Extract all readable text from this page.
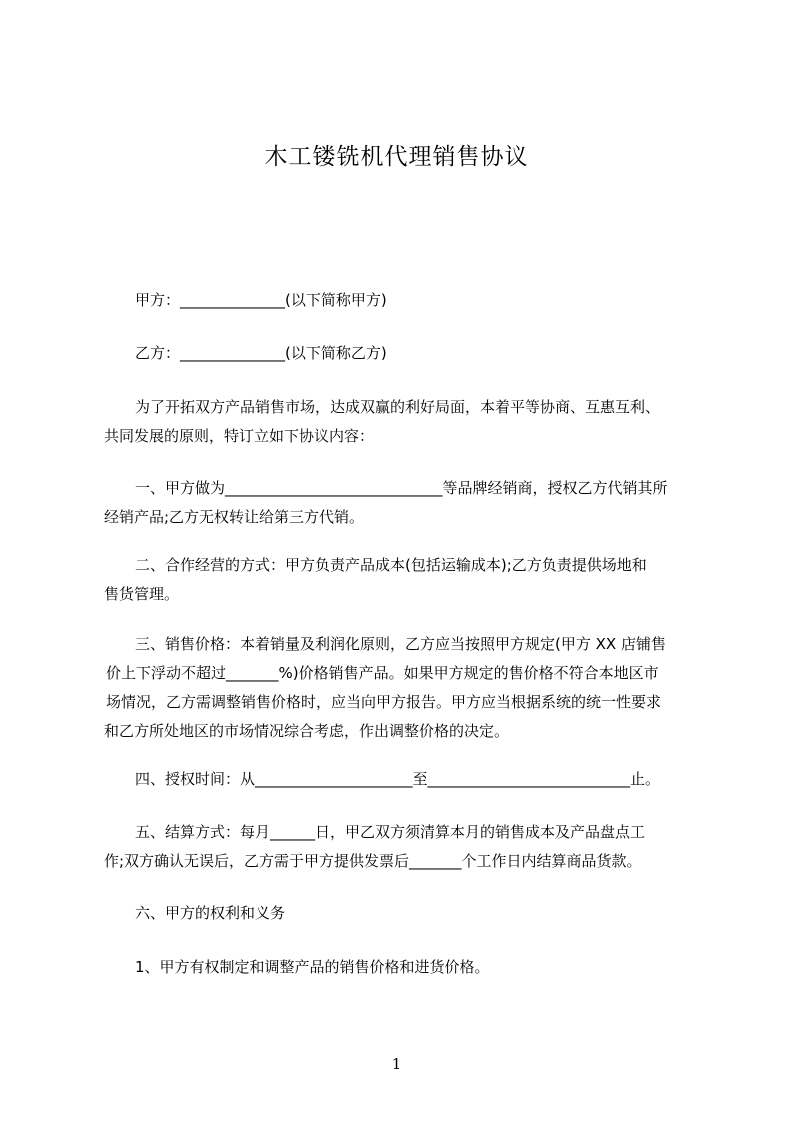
木工镂铣机代理销售协议
甲方：______________(以下简称甲方)
乙方：______________(以下简称乙方)
为了开拓双方产品销售市场，达成双赢的利好局面，本着平等协商、互惠互利、
共同发展的原则，特订立如下协议内容：
一、甲方做为_____________________________等品牌经销商，授权乙方代销其所
经销产品;乙方无权转让给第三方代销。
二、合作经营的方式：甲方负责产品成本(包括运输成本);乙方负责提供场地和
售货管理。
三、销售价格：本着销量及利润化原则，乙方应当按照甲方规定(甲方 XX 店铺售
价上下浮动不超过_______%)价格销售产品。如果甲方规定的售价格不符合本地区市
场情况，乙方需调整销售价格时，应当向甲方报告。甲方应当根据系统的统一性要求
和乙方所处地区的市场情况综合考虑，作出调整价格的决定。
四、授权时间：从_____________________至___________________________止。
五、结算方式：每月______日，甲乙双方须清算本月的销售成本及产品盘点工
作;双方确认无误后，乙方需于甲方提供发票后_______个工作日内结算商品货款。
六、甲方的权利和义务
1、甲方有权制定和调整产品的销售价格和进货价格。
1
